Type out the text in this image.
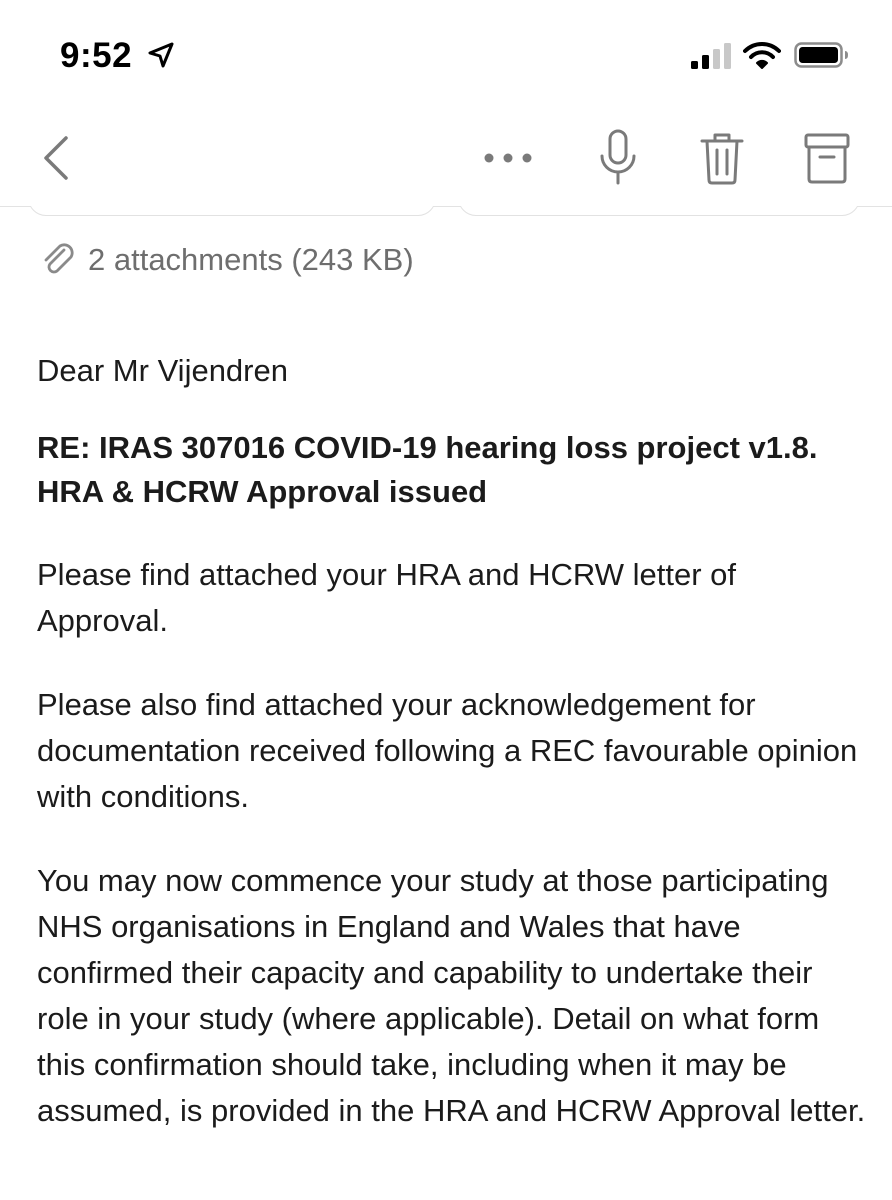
9:52
2 attachments (243 KB)

Dear Mr Vijendren

RE: IRAS 307016 COVID-19 hearing loss project v1.8. HRA & HCRW Approval issued

Please find attached your HRA and HCRW letter of Approval.

Please also find attached your acknowledgement for documentation received following a REC favourable opinion with conditions.

You may now commence your study at those participating NHS organisations in England and Wales that have confirmed their capacity and capability to undertake their role in your study (where applicable). Detail on what form this confirmation should take, including when it may be assumed, is provided in the HRA and HCRW Approval letter.
